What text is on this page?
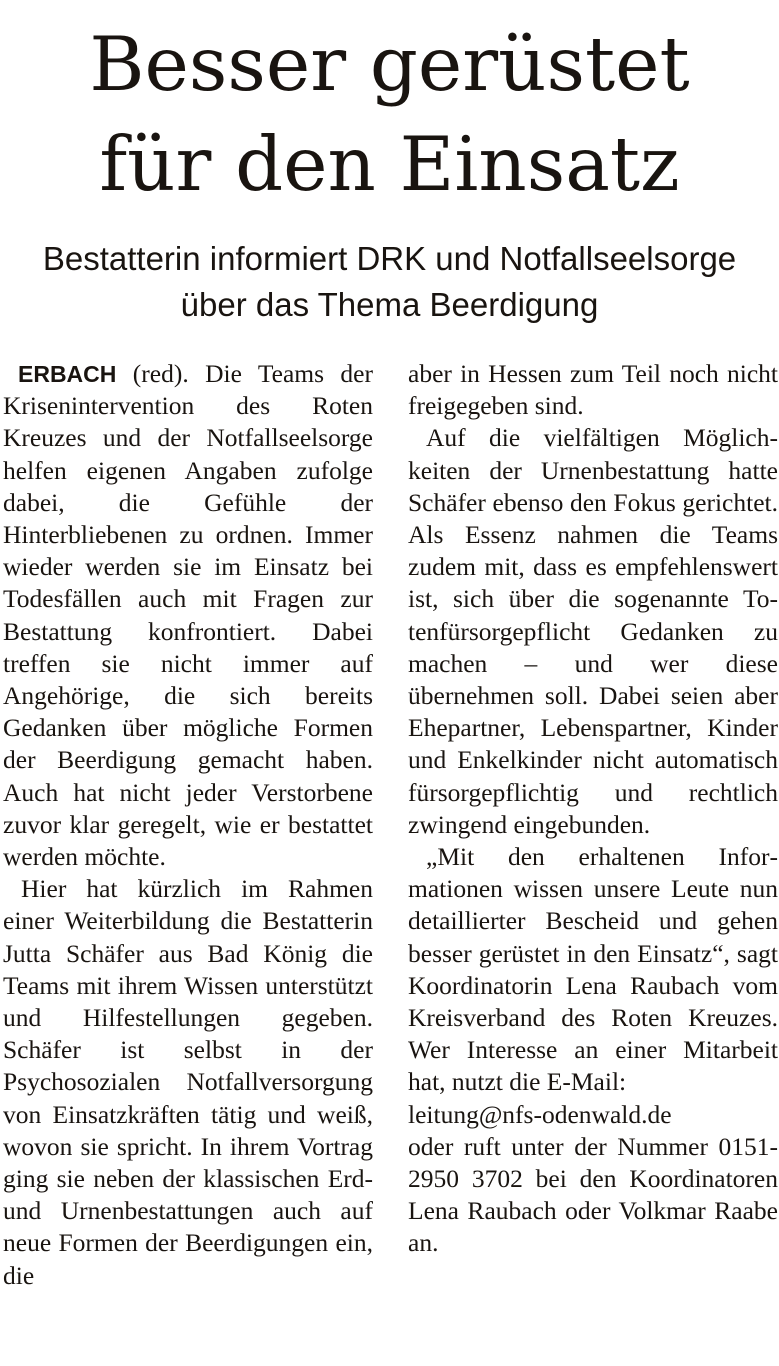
Besser gerüstet
für den Einsatz
Bestatterin informiert DRK und Notfallseelsorge
über das Thema Beerdigung

ERBACH (red). Die Teams der Krisenintervention des Roten Kreuzes und der Notfallseelsorge helfen eigenen Angaben zufolge dabei, die Gefühle der Hinterbliebenen zu ordnen. Immer wieder werden sie im Einsatz bei Todesfällen auch mit Fragen zur Bestattung konfrontiert. Dabei treffen sie nicht immer auf Angehörige, die sich bereits Gedanken über mögliche Formen der Beerdigung gemacht haben. Auch hat nicht jeder Verstorbene zuvor klar geregelt, wie er bestattet werden möchte.

Hier hat kürzlich im Rahmen einer Weiterbildung die Bestatterin Jutta Schäfer aus Bad König die Teams mit ihrem Wissen unterstützt und Hilfestellungen gegeben. Schäfer ist selbst in der Psychosozialen Notfallversorgung von Einsatzkräften tätig und weiß, wovon sie spricht. In ihrem Vortrag ging sie neben der klassischen Erd- und Urnenbestattungen auch auf neue Formen der Beerdigungen ein, die

aber in Hessen zum Teil noch nicht freigegeben sind.

Auf die vielfältigen Möglichkeiten der Urnenbestattung hatte Schäfer ebenso den Fokus gerichtet. Als Essenz nahmen die Teams zudem mit, dass es empfehlenswert ist, sich über die sogenannte Totenfürsorgepflicht Gedanken zu machen – und wer diese übernehmen soll. Dabei seien aber Ehepartner, Lebenspartner, Kinder und Enkelkinder nicht automatisch fürsorgepflichtig und rechtlich zwingend eingebunden.

„Mit den erhaltenen Informationen wissen unsere Leute nun detaillierter Bescheid und gehen besser gerüstet in den Einsatz“, sagt Koordinatorin Lena Raubach vom Kreisverband des Roten Kreuzes. Wer Interesse an einer Mitarbeit hat, nutzt die E-Mail:

leitung@nfs-odenwald.de

oder ruft unter der Nummer 0151-2950 3702 bei den Koordinatoren Lena Raubach oder Volkmar Raabe an.
